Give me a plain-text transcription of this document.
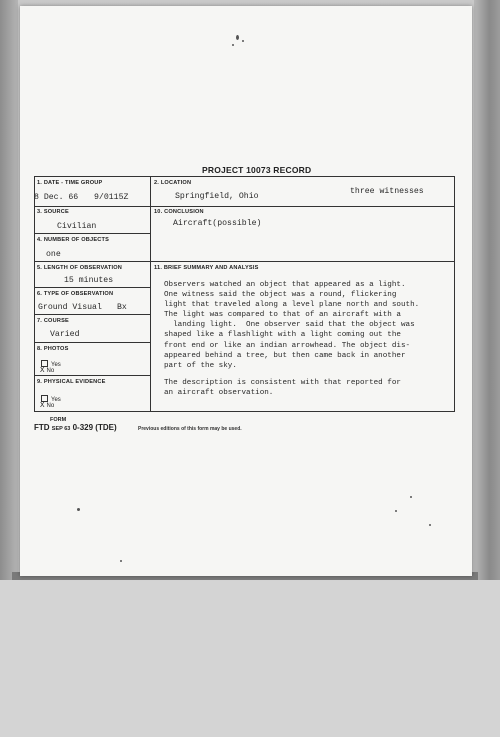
PROJECT 10073 RECORD
1. DATE - TIME GROUP
8 Dec. 66 9/0115Z
2. LOCATION
Springfield, Ohio
three witnesses
3. SOURCE
Civilian
10. CONCLUSION
Aircraft(possible)
4. NUMBER OF OBJECTS
one
5. LENGTH OF OBSERVATION
15 minutes
11. BRIEF SUMMARY AND ANALYSIS

Observers watched an object that appeared as a light.
One witness said the object was a round, flickering
light that traveled along a level plane north and south.
The light was compared to that of an aircraft with a
landing light.  One observer said that the object was
shaped like a flashlight with a light coming out the
front end or like an indian arrowhead. The object dis-
appeared behind a tree, but then came back in another
part of the sky.

The description is consistent with that reported for
an aircraft observation.

6. TYPE OF OBSERVATION
Ground Visual Bx
7. COURSE
Varied
8. PHOTOS
Yes
X No
9. PHYSICAL EVIDENCE
Yes
X No
FORM
FTD SEP 63 0-329 (TDE)	Previous editions of this form may be used.
